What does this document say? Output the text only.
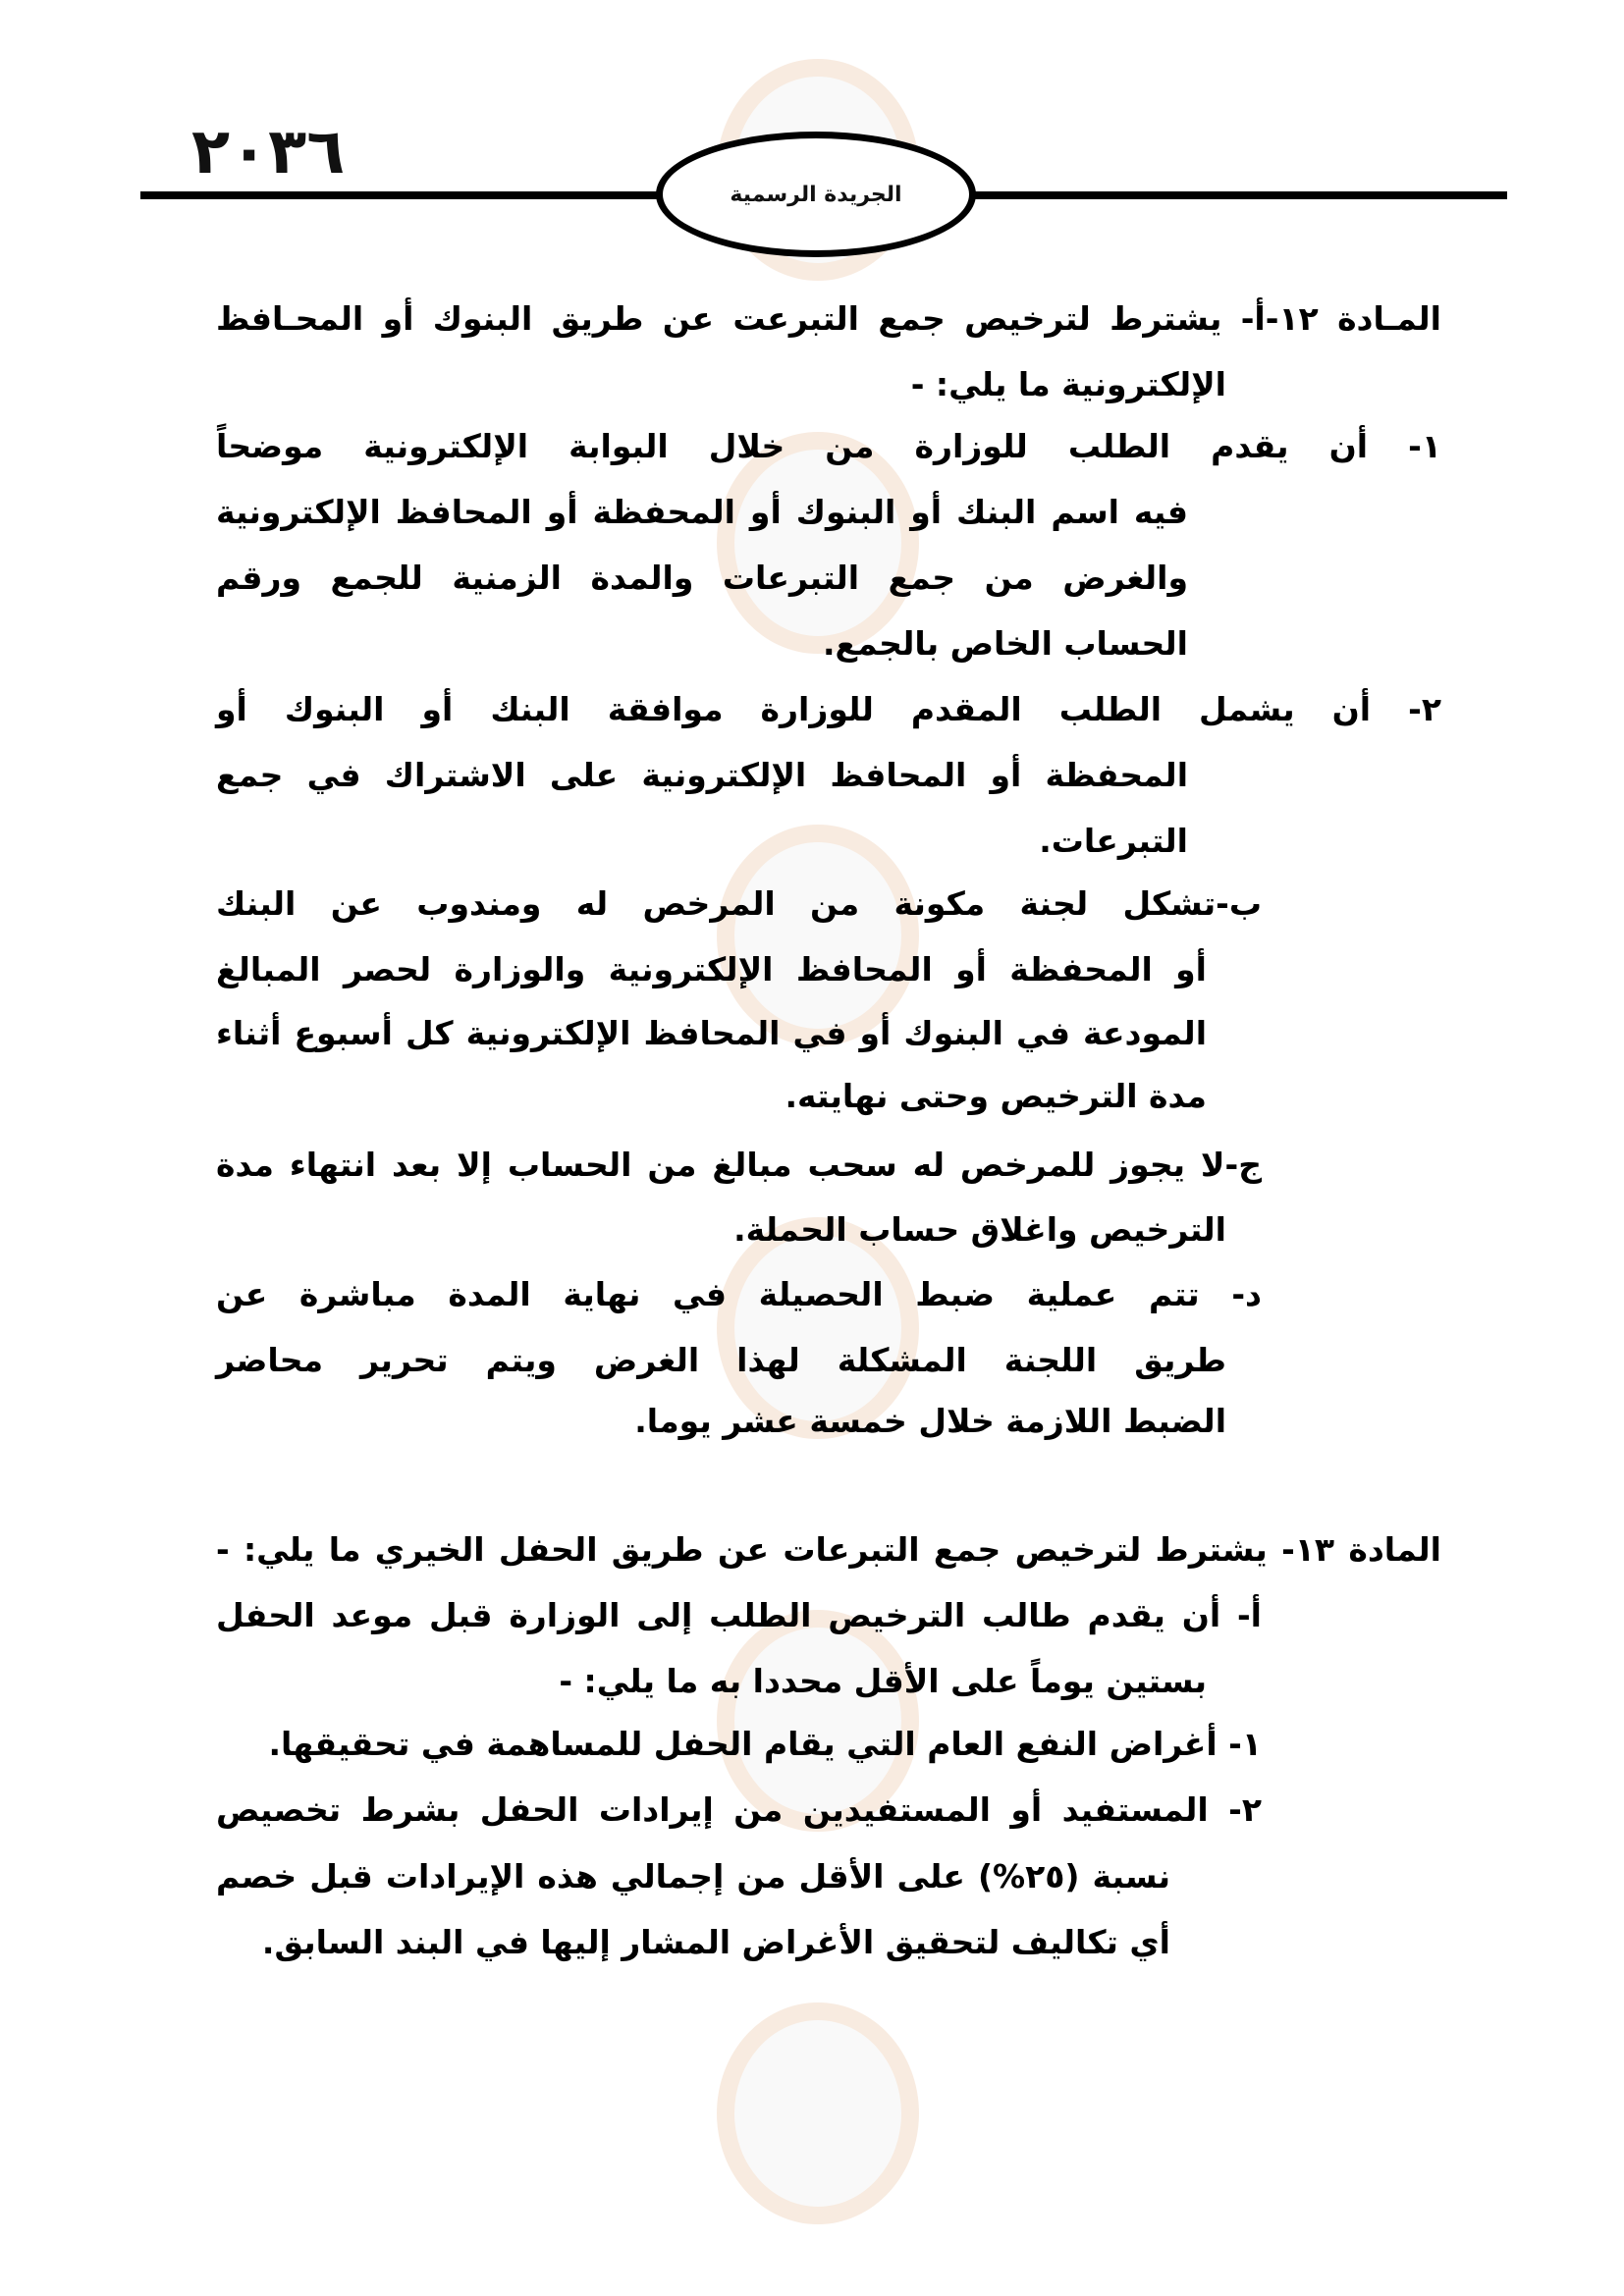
٢٠٣٦
الجريدة الرسمية
المـادة ١٢-أ- يشترط لترخيص جمع التبرعت عن طريق البنوك أو المحـافظ
الإلكترونية ما يلي: -
١- أن يقدم الطلب للوزارة من خلال البوابة الإلكترونية موضحاً
فيه اسم البنك أو البنوك أو المحفظة أو المحافظ الإلكترونية
والغرض من جمع التبرعات والمدة الزمنية للجمع ورقم
الحساب الخاص بالجمع.
٢- أن يشمل الطلب المقدم للوزارة موافقة البنك أو البنوك أو
المحفظة أو المحافظ الإلكترونية على الاشتراك في جمع
التبرعات.
ب-تشكل لجنة مكونة من المرخص له ومندوب عن البنك
أو المحفظة أو المحافظ الإلكترونية والوزارة لحصر المبالغ
المودعة في البنوك أو في المحافظ الإلكترونية كل أسبوع أثناء
مدة الترخيص وحتى نهايته.
ج-لا يجوز للمرخص له سحب مبالغ من الحساب إلا بعد انتهاء مدة
الترخيص واغلاق حساب الحملة.
د- تتم عملية ضبط الحصيلة في نهاية المدة مباشرة عن
طريق اللجنة المشكلة لهذا الغرض ويتم تحرير محاضر
الضبط اللازمة خلال خمسة عشر يوما.
المادة ١٣- يشترط لترخيص جمع التبرعات عن طريق الحفل الخيري ما يلي: -
أ- أن يقدم طالب الترخيص الطلب إلى الوزارة قبل موعد الحفل
بستين يوماً على الأقل محددا به ما يلي: -
١- أغراض النفع العام التي يقام الحفل للمساهمة في تحقيقها.
٢- المستفيد أو المستفيدين من إيرادات الحفل بشرط تخصيص
نسبة (٢٥%) على الأقل من إجمالي هذه الإيرادات قبل خصم
أي تكاليف لتحقيق الأغراض المشار إليها في البند السابق.
